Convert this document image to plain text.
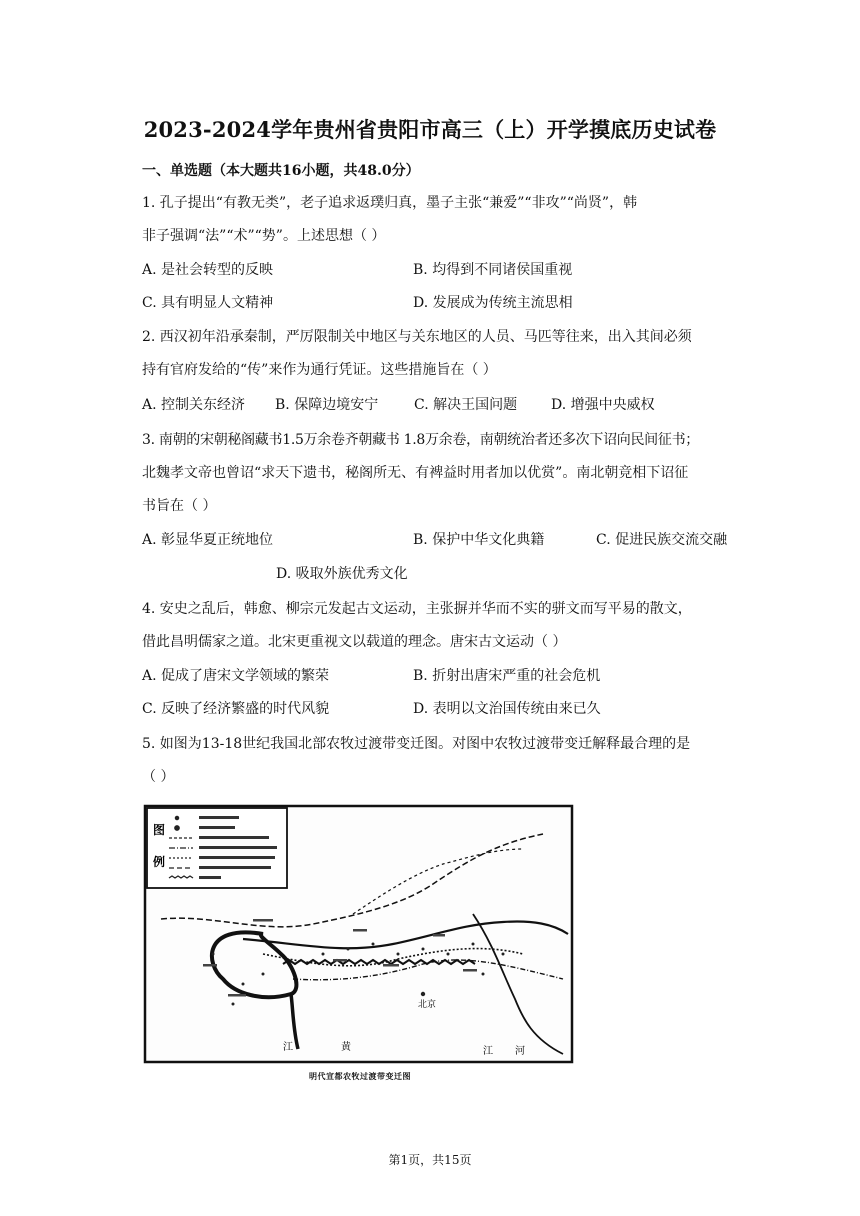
2023-2024学年贵州省贵阳市高三（上）开学摸底历史试卷
一、单选题（本大题共16小题，共48.0分）
1. 孔子提出“有教无类”，老子追求返璞归真，墨子主张“兼爱”“非攻”“尚贤”，韩
非子强调“法”“术”“势”。上述思想（ ）
A. 是社会转型的反映	B. 均得到不同诸侯国重视
C. 具有明显人文精神	D. 发展成为传统主流思相
2. 西汉初年沿承秦制，严厉限制关中地区与关东地区的人员、马匹等往来，出入其间必须
持有官府发给的“传”来作为通行凭证。这些措施旨在（ ）
A. 控制关东经济 B. 保障边境安宁	C. 解决王国问题 D. 增强中央威权
3. 南朝的宋朝秘阁藏书1.5万余卷齐朝藏书 1.8万余卷，南朝统治者还多次下诏向民间征书；
北魏孝文帝也曾诏“求天下遗书，秘阁所无、有裨益时用者加以优赏”。南北朝竞相下诏征
书旨在（ ）
A. 彰显华夏正统地位	B. 保护中华文化典籍	C. 促进民族交流交融
D. 吸取外族优秀文化
4. 安史之乱后，韩愈、柳宗元发起古文运动，主张摒并华而不实的骈文而写平易的散文，
借此昌明儒家之道。北宋更重视文以载道的理念。唐宋古文运动（ ）
A. 促成了唐宋文学领域的繁荣	B. 折射出唐宋严重的社会危机
C. 反映了经济繁盛的时代风貌	D. 表明以文治国传统由来已久
5. 如图为13-18世纪我国北部农牧过渡带变迁图。对图中农牧过渡带变迁解释最合理的是
（ ）
图
例
江
北京
黄	江 河
明代宣都农牧过渡带变迁图
第1页，共15页
